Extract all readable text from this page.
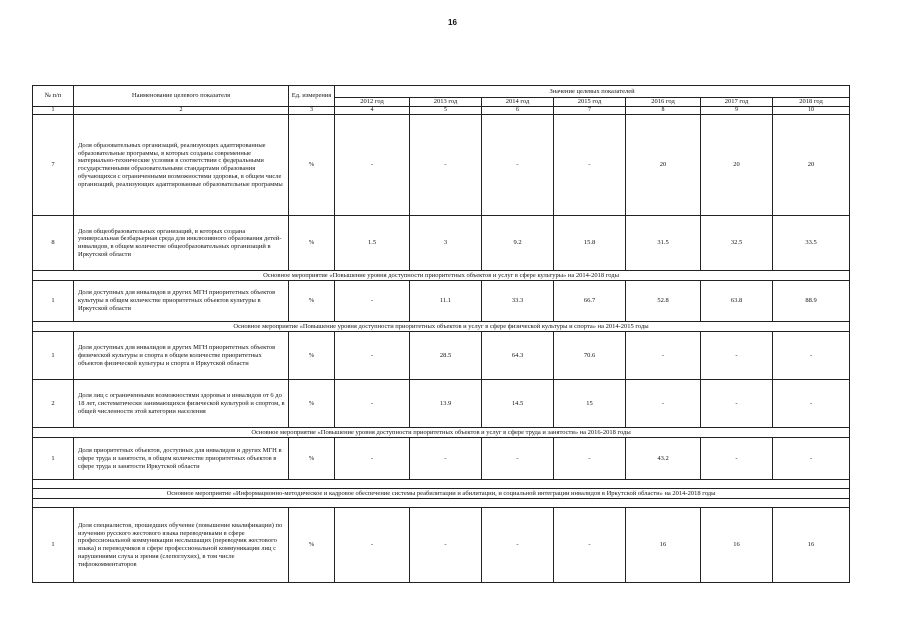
16
№ п/п	Наименование целевого показателя	Ед. измерения	Значение целевых показателей						
			2012 год	2013 год	2014 год	2015 год	2016 год	2017 год	2018 год
1	2	3	4	5	6	7	8	9	10
7	Доля образовательных организаций, реализующих адаптированные образовательные программы, в которых созданы современные материально-технические условия в соответствии с федеральными государственными образовательными стандартами образования обучающихся с ограниченными возможностями здоровья, в общем числе организаций, реализующих адаптированные образовательные программы	%	-	-	-	-	20	20	20
8	Доля общеобразовательных организаций, в которых создана универсальная безбарьерная среда для инклюзивного образования детей-инвалидов, в общем количестве общеобразовательных организаций в Иркутской области	%	1.5	3	9.2	15.8	31.5	32.5	33.5
Основное мероприятие «Повышение уровня доступности приоритетных объектов и услуг в сфере культуры» на 2014-2018 годы									
1	Доля доступных для инвалидов и других МГН приоритетных объектов культуры в общем количестве приоритетных объектов культуры в Иркутской области	%	-	11.1	33.3	66.7	52.8	63.8	88.9
Основное мероприятие «Повышение уровня доступности приоритетных объектов и услуг в сфере физической культуры и спорта» на 2014-2015 годы									
1	Доля доступных для инвалидов и других МГН приоритетных объектов физической культуры и спорта в общем количестве приоритетных объектов физической культуры и спорта в Иркутской области	%	-	28.5	64.3	70.6	-	-	-
2	Доля лиц с ограниченными возможностями здоровья и инвалидов от 6 до 18 лет, систематически занимающихся физической культурой и спортом, в общей численности этой категории населения	%	-	13.9	14.5	15	-	-	-
Основное мероприятие «Повышение уровня доступности приоритетных объектов и услуг в сфере труда и занятости» на 2016-2018 годы									
1	Доля приоритетных объектов, доступных для инвалидов и других МГН в сфере труда и занятости, в общем количестве приоритетных объектов в сфере труда и занятости Иркутской области	%	-	-	-	-	43.2	-	-

Основное мероприятие «Информационно-методическое и кадровое обеспечение системы реабилитации и абилитации, и социальной интеграции инвалидов в Иркутской области» на 2014-2018 годы									

1	Доля специалистов, прошедших обучение (повышение квалификации) по изучению русского жестового языка переводчиками в сфере профессиональной коммуникации неслышащих (переводчик жестового языка) и переводчиков в сфере профессиональной коммуникации лиц с нарушениями слуха и зрения (слепоглухих), в том числе тифлокомментаторов	%	-	-	-	-	16	16	16
